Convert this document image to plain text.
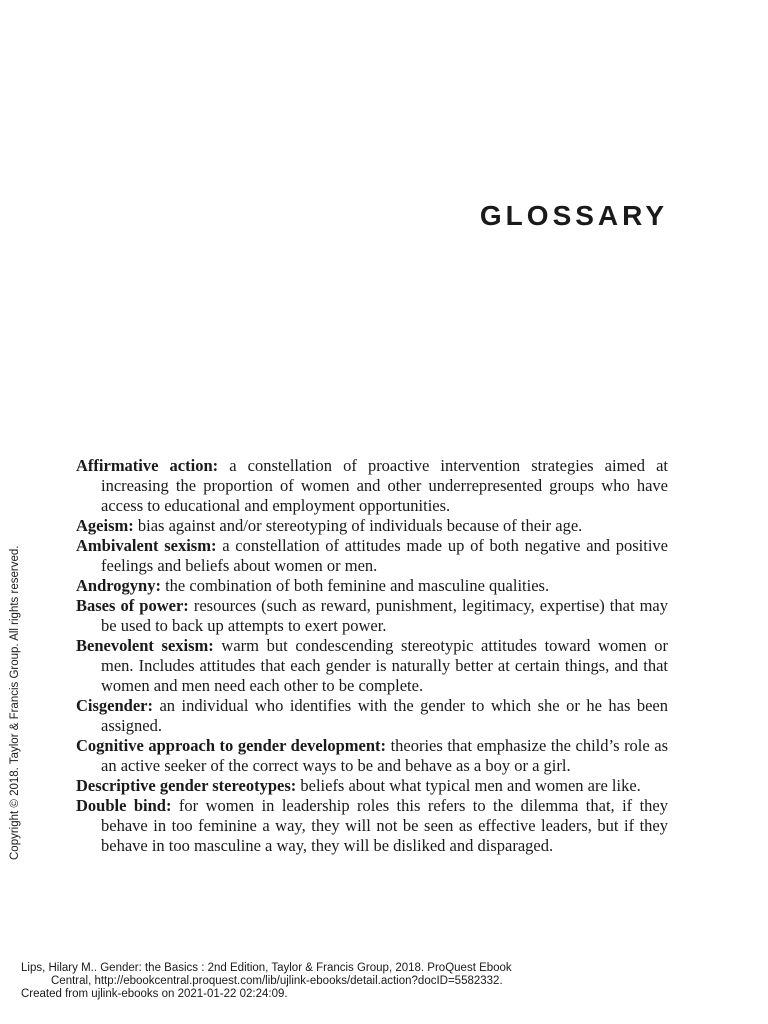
GLOSSARY
Affirmative action: a constellation of proactive intervention strategies aimed at increasing the proportion of women and other underrepresented groups who have access to educational and employment opportunities.
Ageism: bias against and/or stereotyping of individuals because of their age.
Ambivalent sexism: a constellation of attitudes made up of both negative and positive feelings and beliefs about women or men.
Androgyny: the combination of both feminine and masculine qualities.
Bases of power: resources (such as reward, punishment, legitimacy, expertise) that may be used to back up attempts to exert power.
Benevolent sexism: warm but condescending stereotypic attitudes toward women or men. Includes attitudes that each gender is naturally better at certain things, and that women and men need each other to be complete.
Cisgender: an individual who identifies with the gender to which she or he has been assigned.
Cognitive approach to gender development: theories that emphasize the child’s role as an active seeker of the correct ways to be and behave as a boy or a girl.
Descriptive gender stereotypes: beliefs about what typical men and women are like.
Double bind: for women in leadership roles this refers to the dilemma that, if they behave in too feminine a way, they will not be seen as effective leaders, but if they behave in too masculine a way, they will be disliked and disparaged.
Copyright © 2018. Taylor & Francis Group. All rights reserved.

Lips, Hilary M.. Gender: the Basics : 2nd Edition, Taylor & Francis Group, 2018. ProQuest Ebook

Central, http://ebookcentral.proquest.com/lib/ujlink-ebooks/detail.action?docID=5582332.

Created from ujlink-ebooks on 2021-01-22 02:24:09.
